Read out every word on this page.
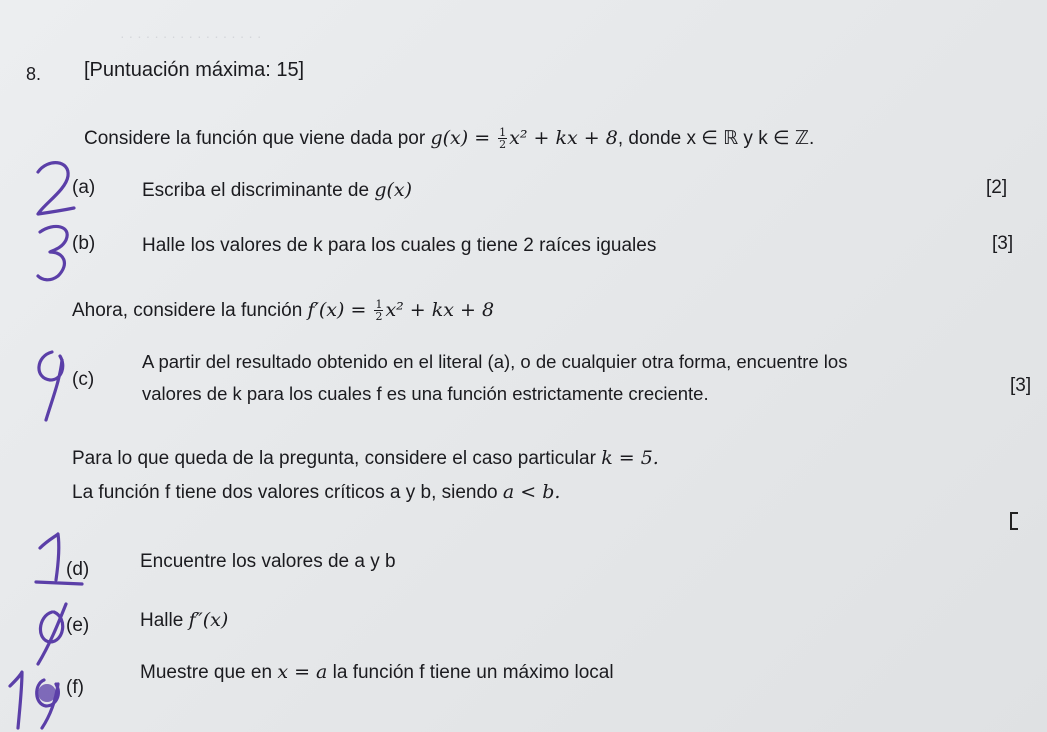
· · · · · · · · · · · · · · · · ·
8. [Puntuación máxima: 15]
Considere la función que viene dada por $g(x) = \frac{1}{2} x^2$ + kx + 8, donde x ∈ ℝ y k ∈ ℤ.
(a) Escriba el discriminante de g(x)	[2]
(b) Halle los valores de k para los cuales g tiene 2 raíces iguales	[3]
Ahora, considere la función $f'(x) = \frac{1}{2} x^2$ + kx + 8
(c)
A partir del resultado obtenido en el literal (a), o de cualquier otra forma, encuentre los
valores de k para los cuales f es una función estrictamente creciente.	[3]
Para lo que queda de la pregunta, considere el caso particular k = 5.
La función f tiene dos valores críticos a y b, siendo a < b.
(d)	Encuentre los valores de a y b
(e)	Halle f″(x)
(f)
Muestre que en x = a la función f tiene un máximo local
